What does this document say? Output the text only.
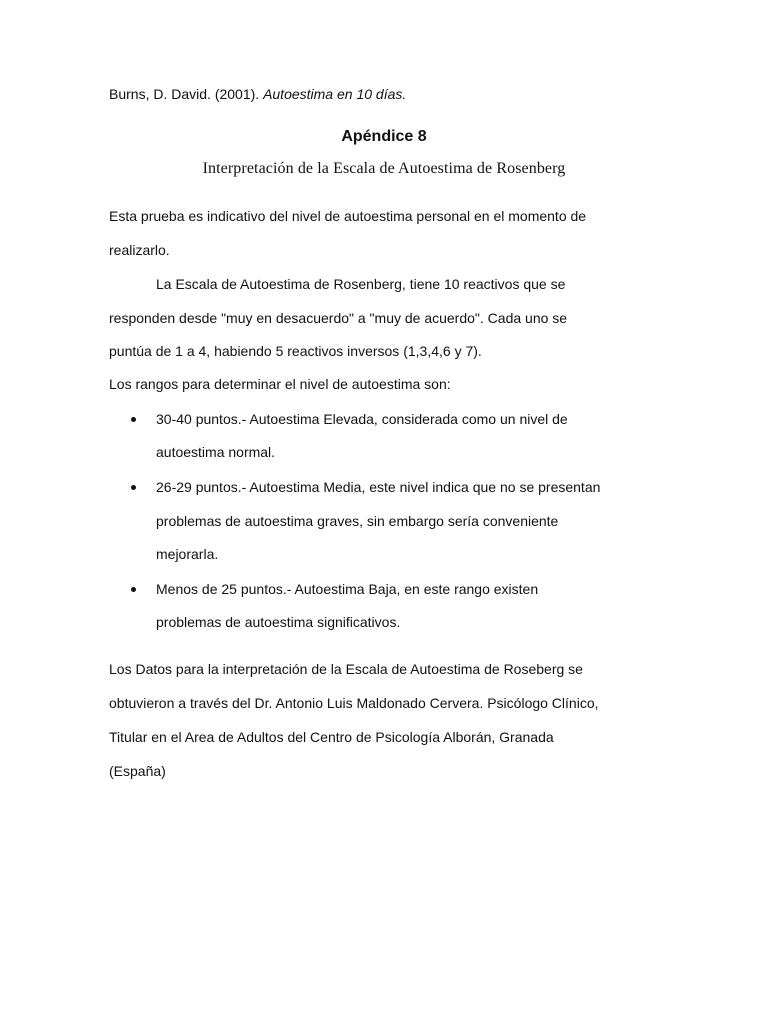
Burns, D. David. (2001). Autoestima en 10 días.
Apéndice 8
Interpretación de la Escala de Autoestima de Rosenberg
Esta prueba es indicativo del nivel de autoestima personal en el momento de
realizarlo.
La Escala de Autoestima de Rosenberg, tiene 10 reactivos que se
responden desde "muy en desacuerdo" a "muy de acuerdo". Cada uno se
puntúa de 1 a 4, habiendo 5 reactivos inversos (1,3,4,6 y 7).
Los rangos para determinar el nivel de autoestima son:
30-40 puntos.- Autoestima Elevada, considerada como un nivel de
autoestima normal.
26-29 puntos.- Autoestima Media, este nivel indica que no se presentan
problemas de autoestima graves, sin embargo sería conveniente
mejorarla.
Menos de 25 puntos.- Autoestima Baja, en este rango existen
problemas de autoestima significativos.
Los Datos para la interpretación de la Escala de Autoestima de Roseberg se
obtuvieron a través del Dr. Antonio Luis Maldonado Cervera. Psicólogo Clínico,
Titular en el Area de Adultos del Centro de Psicología Alborán, Granada
(España)
